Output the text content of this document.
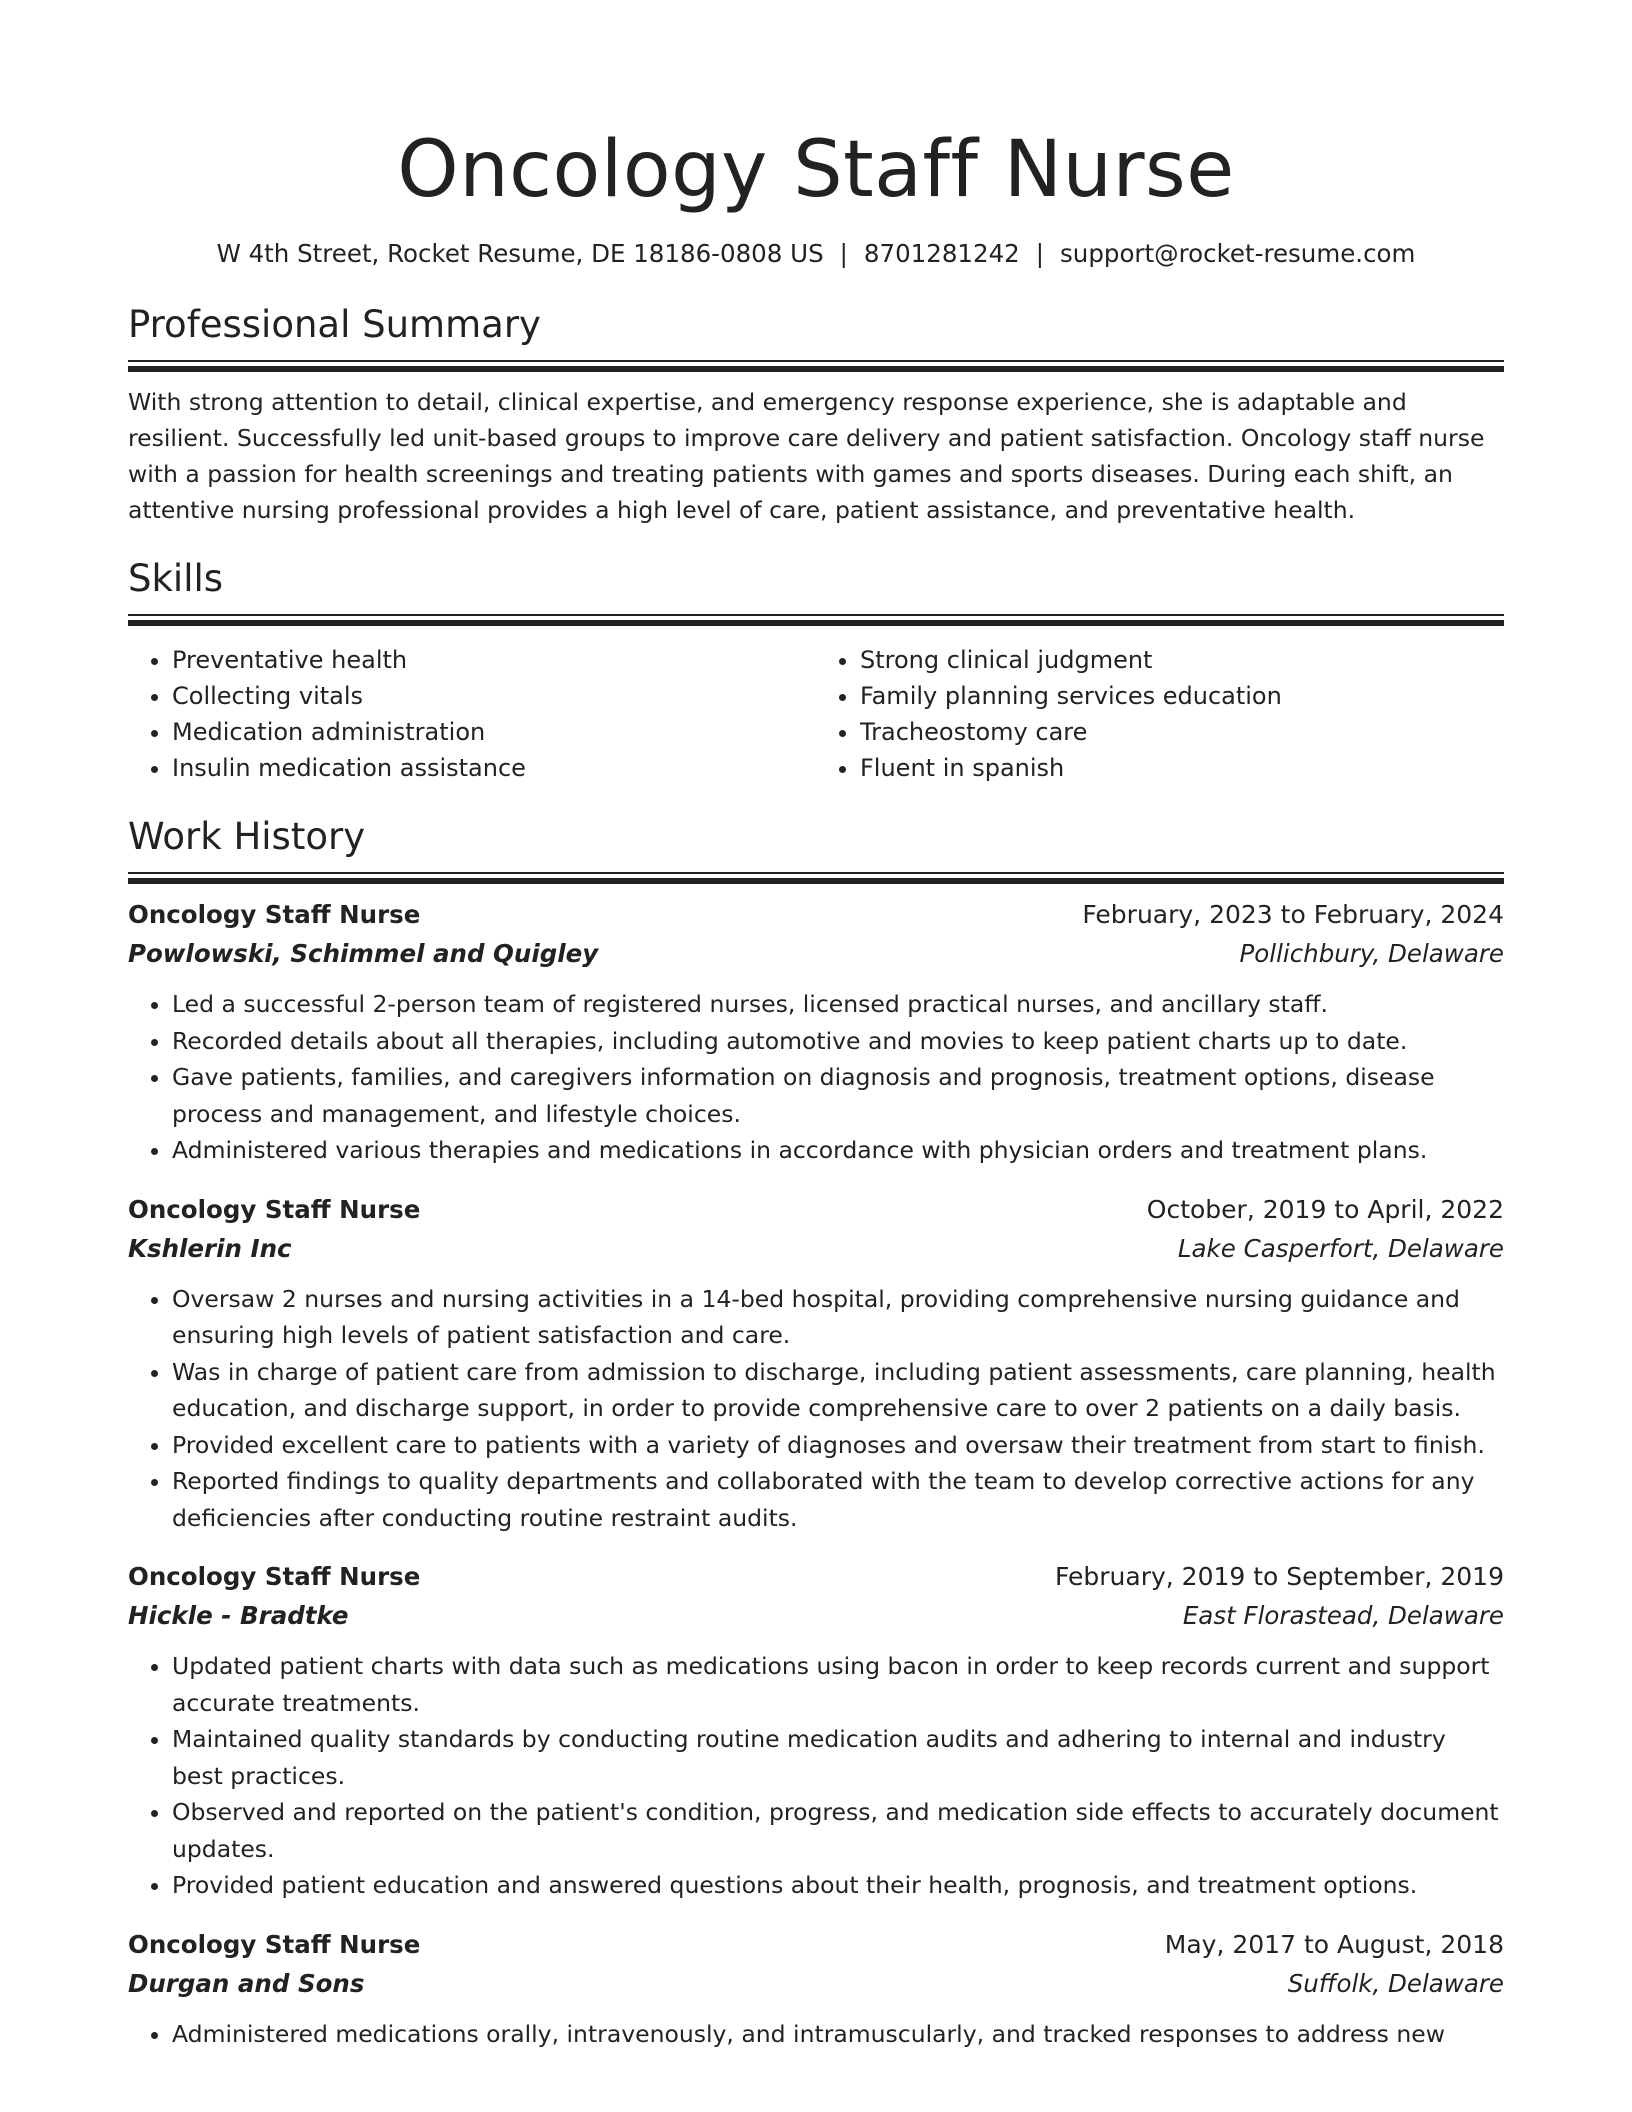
Oncology Staff Nurse
W 4th Street, Rocket Resume, DE 18186-0808 US | 8701281242 | support@rocket-resume.com
Professional Summary

With strong attention to detail, clinical expertise, and emergency response experience, she is adaptable and resilient. Successfully led unit-based groups to improve care delivery and patient satisfaction. Oncology staff nurse with a passion for health screenings and treating patients with games and sports diseases. During each shift, an attentive nursing professional provides a high level of care, patient assistance, and preventative health.

Skills
• Preventative health
• Collecting vitals
• Medication administration
• Insulin medication assistance
• Strong clinical judgment
• Family planning services education
• Tracheostomy care
• Fluent in spanish
Work History
Oncology Staff Nurse	February, 2023 to February, 2024
Powlowski, Schimmel and Quigley	Pollichbury, Delaware
• Led a successful 2-person team of registered nurses, licensed practical nurses, and ancillary staff.
• Recorded details about all therapies, including automotive and movies to keep patient charts up to date.
• Gave patients, families, and caregivers information on diagnosis and prognosis, treatment options, disease process and management, and lifestyle choices.
• Administered various therapies and medications in accordance with physician orders and treatment plans.
Oncology Staff Nurse	October, 2019 to April, 2022
Kshlerin Inc	Lake Casperfort, Delaware
• Oversaw 2 nurses and nursing activities in a 14-bed hospital, providing comprehensive nursing guidance and ensuring high levels of patient satisfaction and care.
• Was in charge of patient care from admission to discharge, including patient assessments, care planning, health education, and discharge support, in order to provide comprehensive care to over 2 patients on a daily basis.
• Provided excellent care to patients with a variety of diagnoses and oversaw their treatment from start to finish.
• Reported findings to quality departments and collaborated with the team to develop corrective actions for any deficiencies after conducting routine restraint audits.
Oncology Staff Nurse	February, 2019 to September, 2019
Hickle - Bradtke	East Florastead, Delaware
• Updated patient charts with data such as medications using bacon in order to keep records current and support accurate treatments.
• Maintained quality standards by conducting routine medication audits and adhering to internal and industry best practices.
• Observed and reported on the patient's condition, progress, and medication side effects to accurately document updates.
• Provided patient education and answered questions about their health, prognosis, and treatment options.
Oncology Staff Nurse	May, 2017 to August, 2018
Durgan and Sons	Suffolk, Delaware
• Administered medications orally, intravenously, and intramuscularly, and tracked responses to address new
